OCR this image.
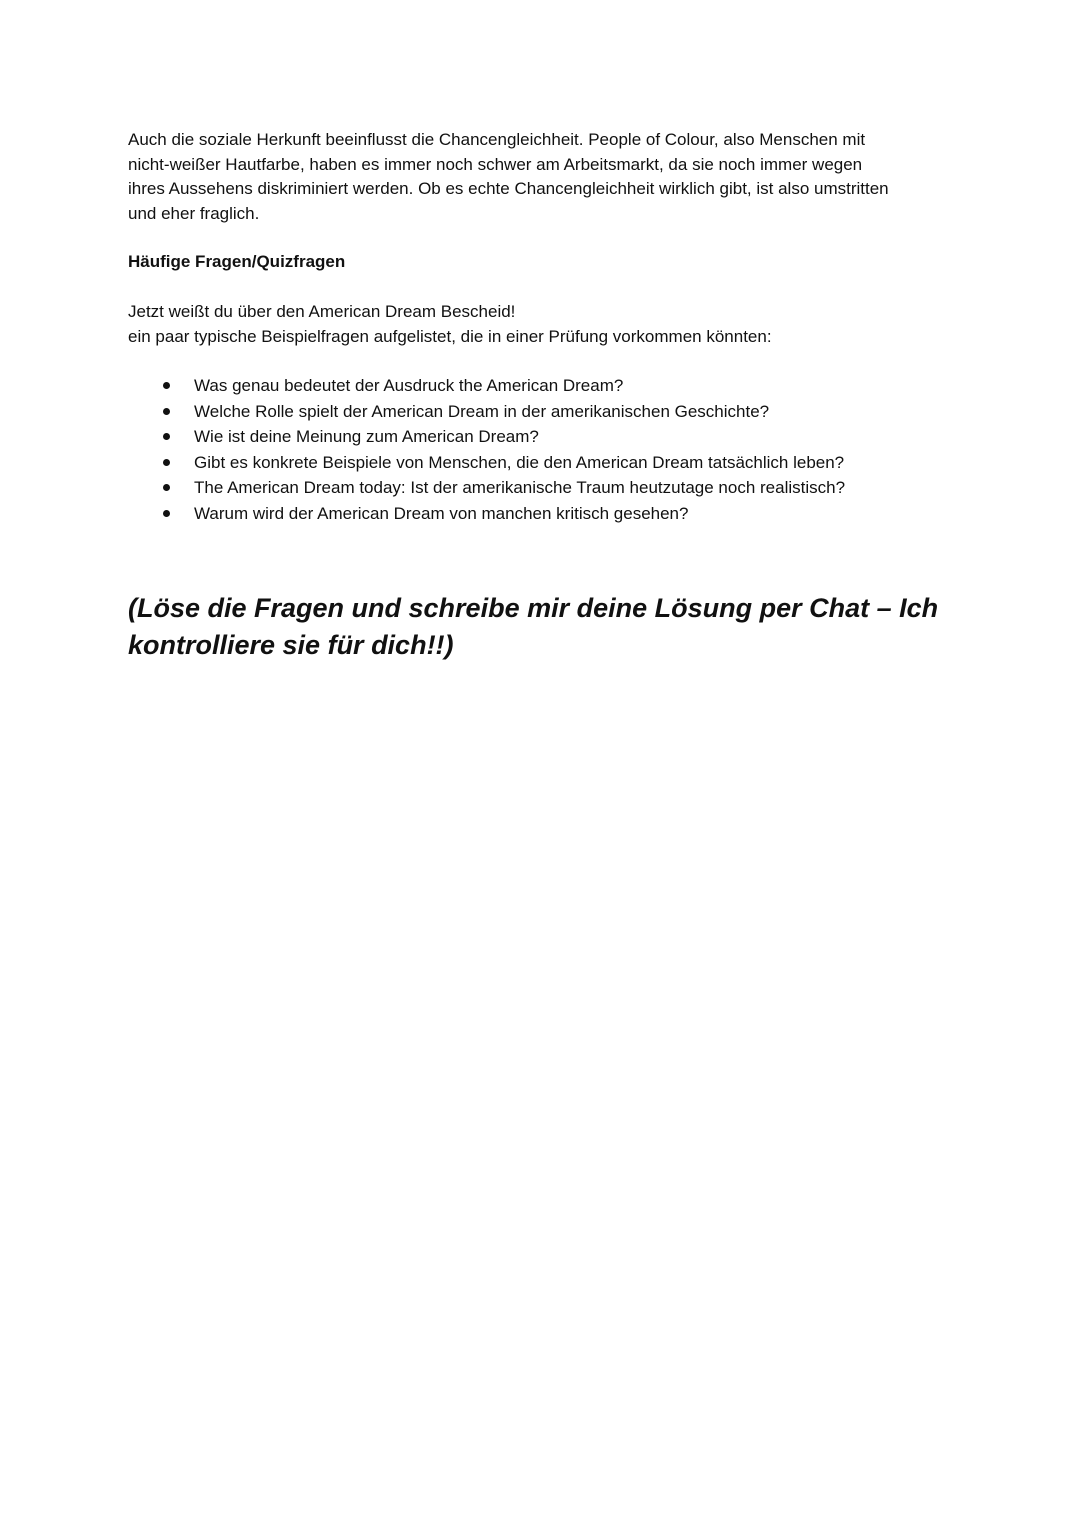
Auch die soziale Herkunft beeinflusst die Chancengleichheit. People of Colour, also Menschen mit
nicht-weißer Hautfarbe, haben es immer noch schwer am Arbeitsmarkt, da sie noch immer wegen
ihres Aussehens diskriminiert werden. Ob es echte Chancengleichheit wirklich gibt, ist also umstritten
und eher fraglich.

Häufige Fragen/Quizfragen

Jetzt weißt du über den American Dream Bescheid!
ein paar typische Beispielfragen aufgelistet, die in einer Prüfung vorkommen könnten:
Was genau bedeutet der Ausdruck the American Dream?
Welche Rolle spielt der American Dream in der amerikanischen Geschichte?
Wie ist deine Meinung zum American Dream?
Gibt es konkrete Beispiele von Menschen, die den American Dream tatsächlich leben?
The American Dream today: Ist der amerikanische Traum heutzutage noch realistisch?
Warum wird der American Dream von manchen kritisch gesehen?

(Löse die Fragen und schreibe mir deine Lösung per Chat – Ich
kontrolliere sie für dich!!)
